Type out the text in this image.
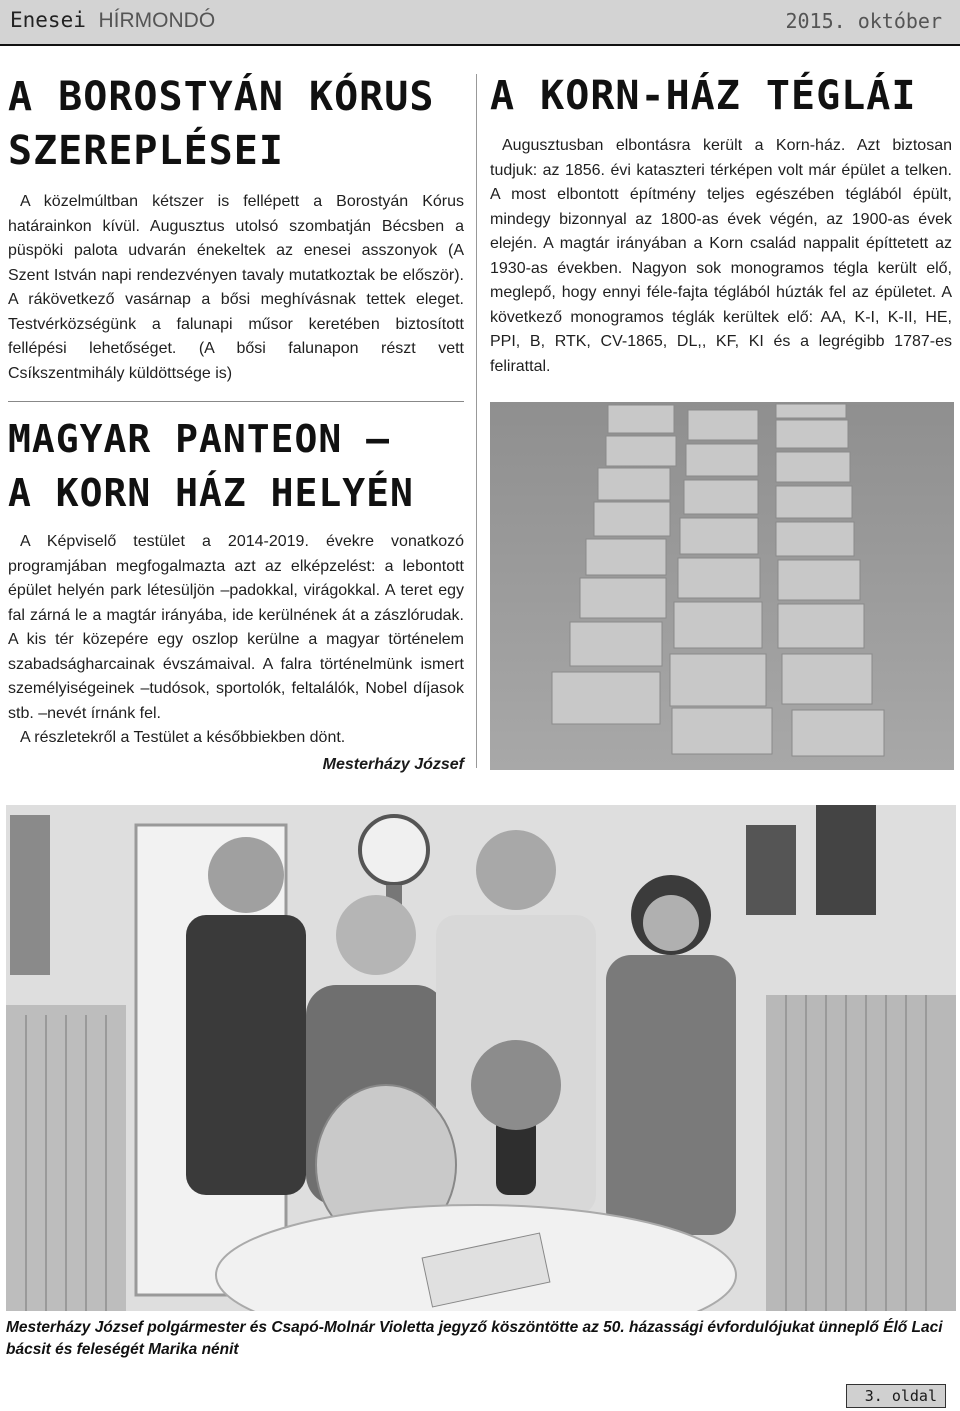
Enesei HÍRMONDÓ	2015. október
A BOROSTYÁN KÓRUS
SZEREPLÉSEI

A közelmúltban kétszer is fellépett a Borostyán Kórus határainkon kívül. Augusztus utolsó szombatján Bécsben a püspöki palota udvarán énekeltek az enesei asszonyok (A Szent István napi rendezvényen tavaly mutatkoztak be először). A rákövetkező vasárnap a bősi meghívásnak tettek eleget. Testvérközségünk a falunapi műsor keretében biztosított fellépési lehetőséget. (A bősi falunapon részt vett Csíkszentmihály küldöttsége is)

MAGYAR PANTEON –
A KORN HÁZ HELYÉN

A Képviselő testület a 2014-2019. évekre vonatkozó programjában megfogalmazta azt az elképzelést: a lebontott épület helyén park létesüljön –padokkal, virágokkal. A teret egy fal zárná le a magtár irányába, ide kerülnének át a zászlórudak. A kis tér közepére egy oszlop kerülne a magyar történelem szabadságharcainak évszámaival. A falra történelmünk ismert személyiségeinek –tudósok, sportolók, feltalálók, Nobel díjasok stb. –nevét írnánk fel.

A részletekről a Testület a későbbiekben dönt.

Mesterházy József
A KORN-HÁZ TÉGLÁI

Augusztusban elbontásra került a Korn-ház. Azt biztosan tudjuk: az 1856. évi kataszteri térképen volt már épület a telken. A most elbontott építmény teljes egészében téglából épült, mindegy bizonnyal az 1800-as évek végén, az 1900-as évek elején. A magtár irányában a Korn család nappalit építtetett az 1930-as években. Nagyon sok monogramos tégla került elő, meglepő, hogy ennyi féle-fajta téglából húzták fel az épületet. A következő monogramos téglák kerültek elő: AA, K-I, K-II, HE, PPI, B, RTK, CV-1865, DL,, KF, KI és a legrégibb 1787-es felirattal.

Mesterházy József polgármester és Csapó-Molnár Violetta jegyző köszöntötte az 50. házassági évfordulójukat ünneplő Élő Laci bácsit és feleségét Marika nénit
3. oldal
